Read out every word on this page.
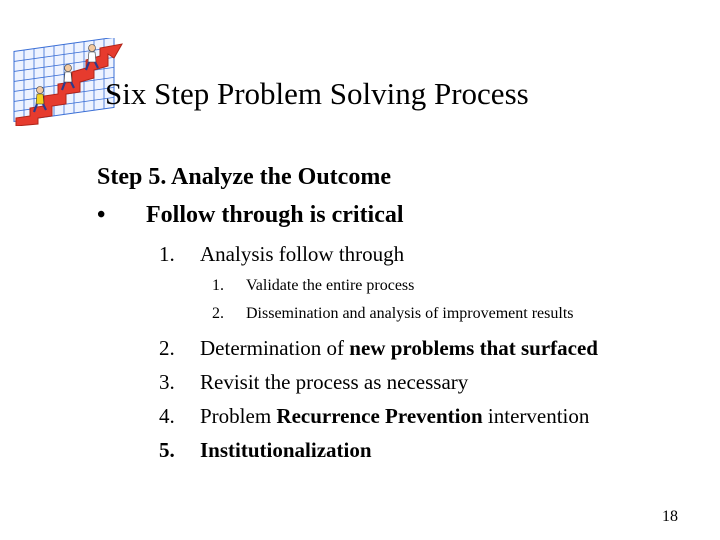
Six Step Problem Solving Process
Step 5. Analyze the Outcome
• Follow through is critical
1. Analysis follow through
1. Validate the entire process
2. Dissemination and analysis of improvement results
2. Determination of new problems that surfaced
3. Revisit the process as necessary
4. Problem Recurrence Prevention intervention
5. Institutionalization
18
